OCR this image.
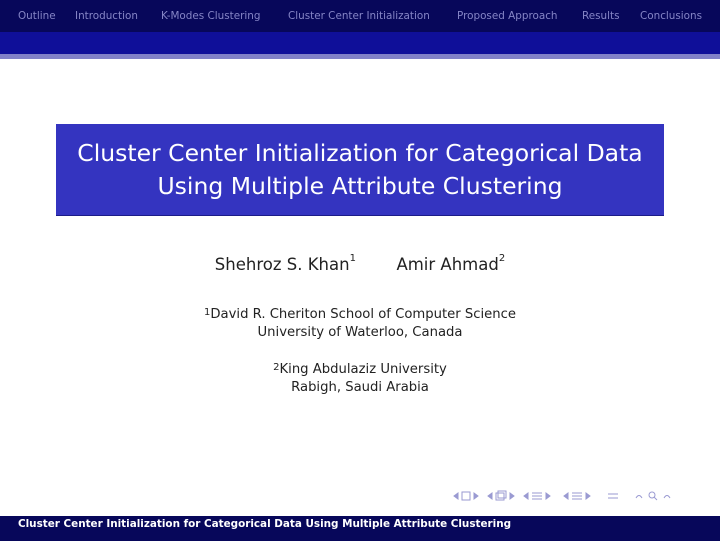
Outline Introduction K-Modes Clustering	Cluster Center Initialization	Proposed Approach Results Conclusions
Cluster Center Initialization for Categorical Data
Using Multiple Attribute Clustering
Shehroz S. Khan$^1$ Amir Ahmad$^2$
$^1$David R. Cheriton School of Computer Science
University of Waterloo, Canada
$^2$King Abdulaziz University
Rabigh, Saudi Arabia
Cluster Center Initialization for Categorical Data Using Multiple Attribute Clustering
